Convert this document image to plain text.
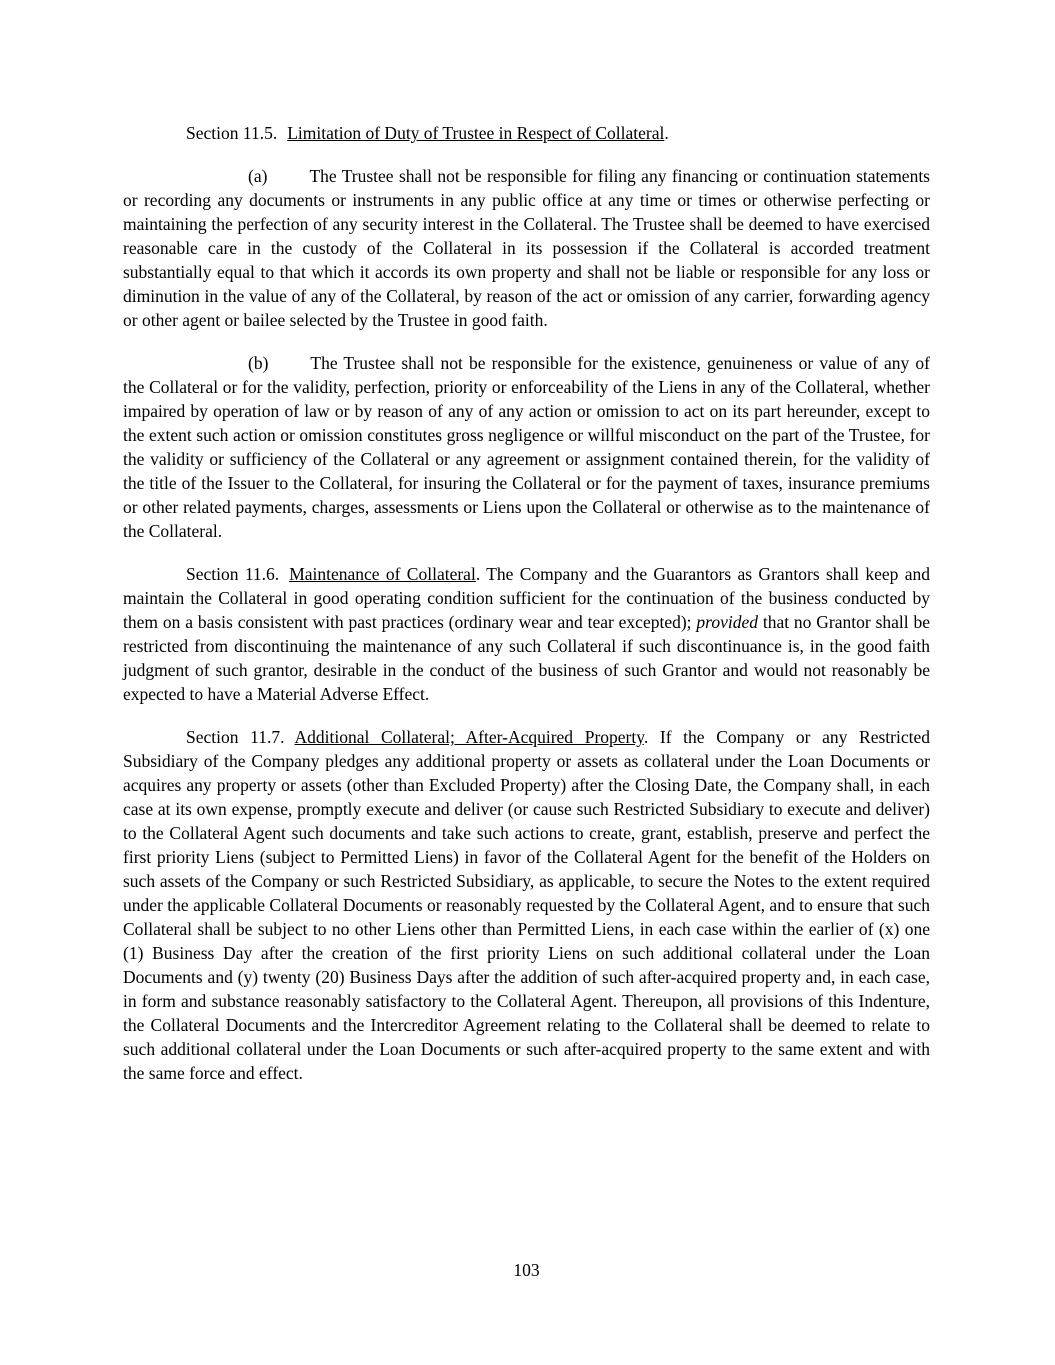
Section 11.5. Limitation of Duty of Trustee in Respect of Collateral.

(a) The Trustee shall not be responsible for filing any financing or continuation statements or recording any documents or instruments in any public office at any time or times or otherwise perfecting or maintaining the perfection of any security interest in the Collateral. The Trustee shall be deemed to have exercised reasonable care in the custody of the Collateral in its possession if the Collateral is accorded treatment substantially equal to that which it accords its own property and shall not be liable or responsible for any loss or diminution in the value of any of the Collateral, by reason of the act or omission of any carrier, forwarding agency or other agent or bailee selected by the Trustee in good faith.

(b) The Trustee shall not be responsible for the existence, genuineness or value of any of the Collateral or for the validity, perfection, priority or enforceability of the Liens in any of the Collateral, whether impaired by operation of law or by reason of any of any action or omission to act on its part hereunder, except to the extent such action or omission constitutes gross negligence or willful misconduct on the part of the Trustee, for the validity or sufficiency of the Collateral or any agreement or assignment contained therein, for the validity of the title of the Issuer to the Collateral, for insuring the Collateral or for the payment of taxes, insurance premiums or other related payments, charges, assessments or Liens upon the Collateral or otherwise as to the maintenance of the Collateral.

Section 11.6. Maintenance of Collateral. The Company and the Guarantors as Grantors shall keep and maintain the Collateral in good operating condition sufficient for the continuation of the business conducted by them on a basis consistent with past practices (ordinary wear and tear excepted); provided that no Grantor shall be restricted from discontinuing the maintenance of any such Collateral if such discontinuance is, in the good faith judgment of such grantor, desirable in the conduct of the business of such Grantor and would not reasonably be expected to have a Material Adverse Effect.

Section 11.7. Additional Collateral; After-Acquired Property. If the Company or any Restricted Subsidiary of the Company pledges any additional property or assets as collateral under the Loan Documents or acquires any property or assets (other than Excluded Property) after the Closing Date, the Company shall, in each case at its own expense, promptly execute and deliver (or cause such Restricted Subsidiary to execute and deliver) to the Collateral Agent such documents and take such actions to create, grant, establish, preserve and perfect the first priority Liens (subject to Permitted Liens) in favor of the Collateral Agent for the benefit of the Holders on such assets of the Company or such Restricted Subsidiary, as applicable, to secure the Notes to the extent required under the applicable Collateral Documents or reasonably requested by the Collateral Agent, and to ensure that such Collateral shall be subject to no other Liens other than Permitted Liens, in each case within the earlier of (x) one (1) Business Day after the creation of the first priority Liens on such additional collateral under the Loan Documents and (y) twenty (20) Business Days after the addition of such after-acquired property and, in each case, in form and substance reasonably satisfactory to the Collateral Agent. Thereupon, all provisions of this Indenture, the Collateral Documents and the Intercreditor Agreement relating to the Collateral shall be deemed to relate to such additional collateral under the Loan Documents or such after-acquired property to the same extent and with the same force and effect.

103
